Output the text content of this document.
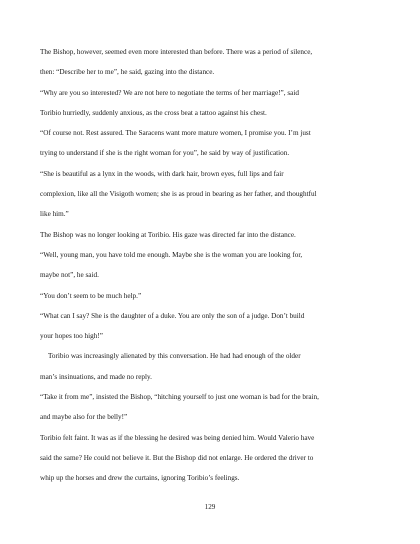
The Bishop, however, seemed even more interested than before. There was a period of silence,
then: “Describe her to me”, he said, gazing into the distance.
“Why are you so interested? We are not here to negotiate the terms of her marriage!”, said
Toribio hurriedly, suddenly anxious, as the cross beat a tattoo against his chest.
“Of course not. Rest assured. The Saracens want more mature women, I promise you. I’m just
trying to understand if she is the right woman for you”, he said by way of justification.
“She is beautiful as a lynx in the woods, with dark hair, brown eyes, full lips and fair
complexion, like all the Visigoth women; she is as proud in bearing as her father, and thoughtful
like him.”
The Bishop was no longer looking at Toribio. His gaze was directed far into the distance.
“Well, young man, you have told me enough. Maybe she is the woman you are looking for,
maybe not”, he said.
“You don’t seem to be much help.”
“What can I say? She is the daughter of a duke. You are only the son of a judge. Don’t build
your hopes too high!”
Toribio was increasingly alienated by this conversation. He had had enough of the older
man’s insinuations, and made no reply.
“Take it from me”, insisted the Bishop, “hitching yourself to just one woman is bad for the brain,
and maybe also for the belly!”
Toribio felt faint. It was as if the blessing he desired was being denied him. Would Valerio have
said the same? He could not believe it. But the Bishop did not enlarge. He ordered the driver to
whip up the horses and drew the curtains, ignoring Toribio’s feelings.
129
